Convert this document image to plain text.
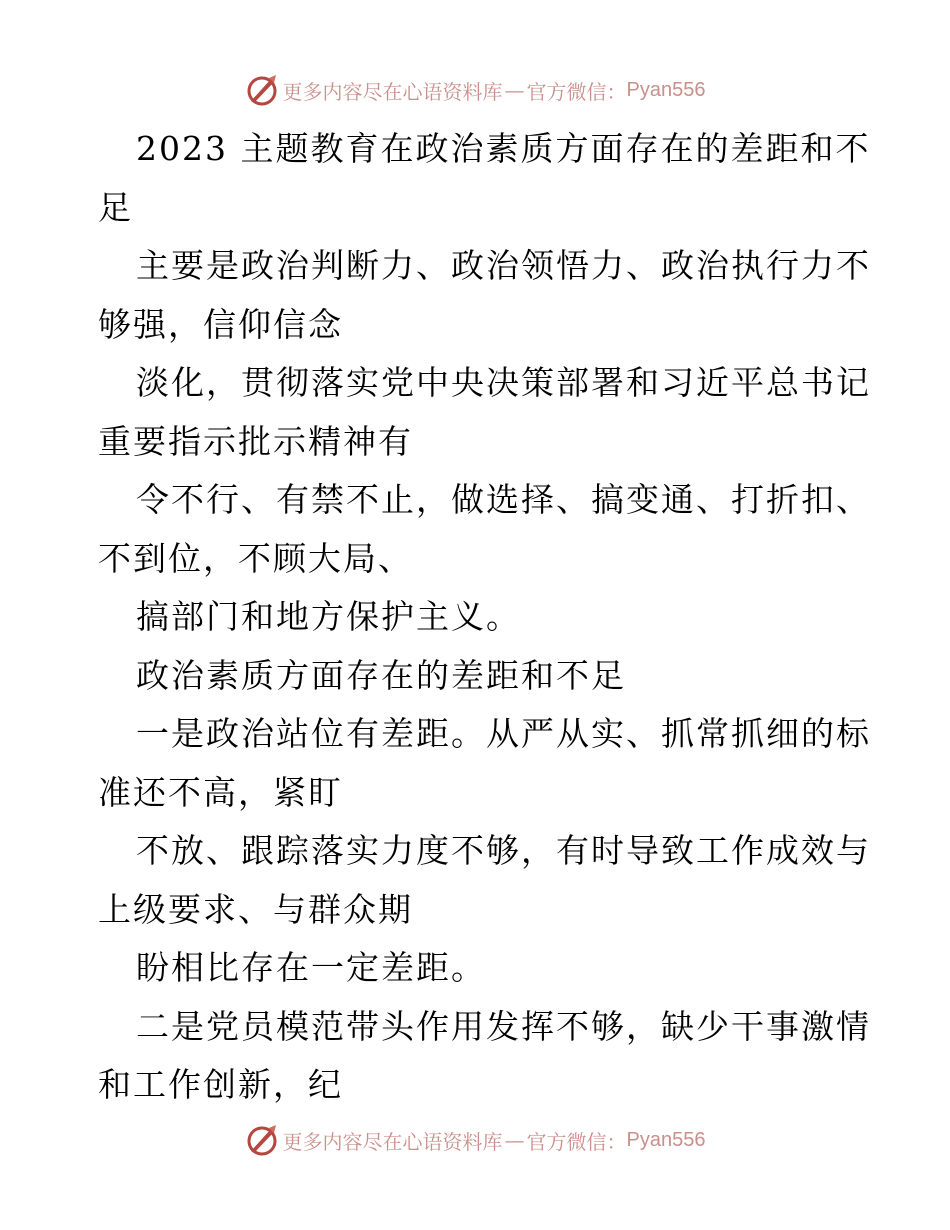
更多内容尽在心语资料库 — 官方微信： Pyan556
2023 主题教育在政治素质方面存在的差距和不
足
主要是政治判断力、政治领悟力、政治执行力不
够强，信仰信念
淡化，贯彻落实党中央决策部署和习近平总书记
重要指示批示精神有
令不行、有禁不止，做选择、搞变通、打折扣、
不到位，不顾大局、
搞部门和地方保护主义。
政治素质方面存在的差距和不足
一是政治站位有差距。从严从实、抓常抓细的标
准还不高，紧盯
不放、跟踪落实力度不够，有时导致工作成效与
上级要求、与群众期
盼相比存在一定差距。
二是党员模范带头作用发挥不够，缺少干事激情
和工作创新，纪
更多内容尽在心语资料库 — 官方微信： Pyan556
